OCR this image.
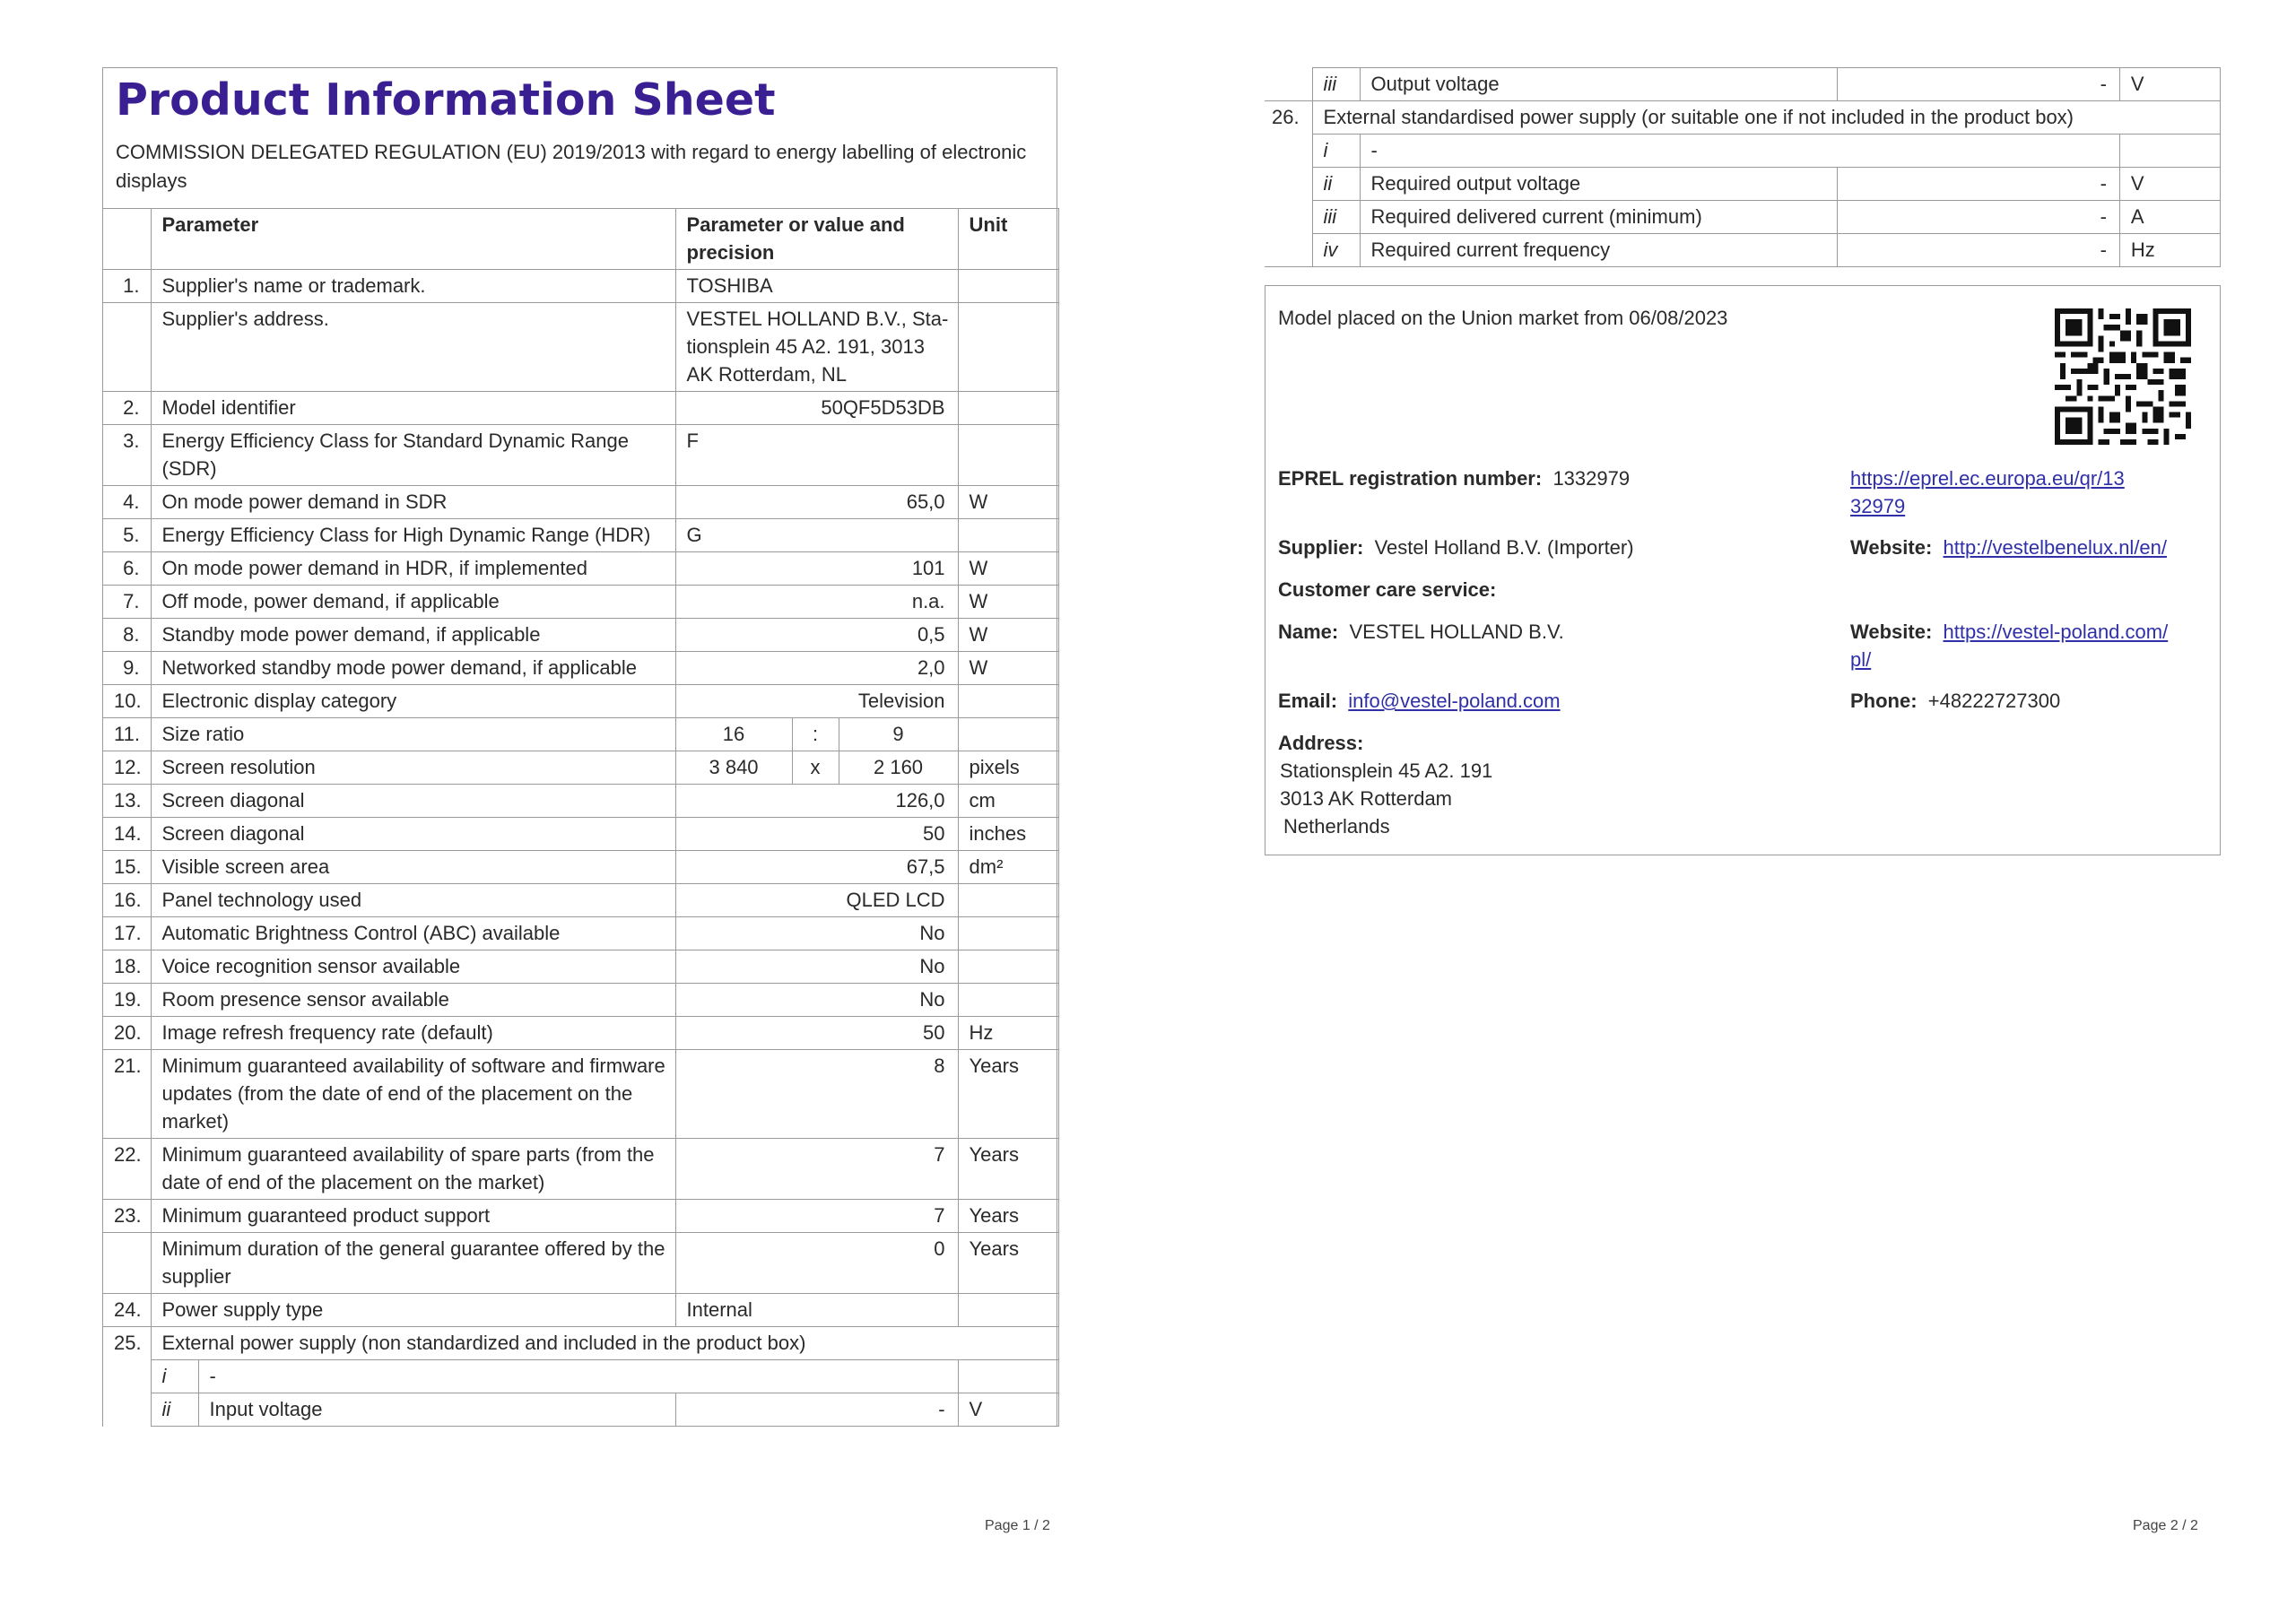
Product Information Sheet
COMMISSION DELEGATED REGULATION (EU) 2019/2013 with regard to energy labelling of electronic displays
	Parameter		Parameter or value and precision			Unit
1.	Supplier's name or trademark.		TOSHIBA			
	Supplier's address.		VESTEL HOLLAND B.V., Stationsplein 45 A2. 191, 3013 AK Rotterdam, NL			
2.	Model identifier		50QF5D53DB			
3.	Energy Efficiency Class for Standard Dynamic Range (SDR)		F			
4.	On mode power demand in SDR		65,0			W
5.	Energy Efficiency Class for High Dynamic Range (HDR)		G			
6.	On mode power demand in HDR, if implemented		101			W
7.	Off mode, power demand, if applicable		n.a.			W
8.	Standby mode power demand, if applicable		0,5			W
9.	Networked standby mode power demand, if applicable		2,0			W
10.	Electronic display category		Television			
11.	Size ratio		16	:	9	
12.	Screen resolution		3 840	x	2 160	pixels
13.	Screen diagonal		126,0			cm
14.	Screen diagonal		50			inches
15.	Visible screen area		67,5			dm²
16.	Panel technology used		QLED LCD			
17.	Automatic Brightness Control (ABC) available		No			
18.	Voice recognition sensor available		No			
19.	Room presence sensor available		No			
20.	Image refresh frequency rate (default)		50			Hz
21.	Minimum guaranteed availability of software and firmware updates (from the date of end of the placement on the market)		8			Years
22.	Minimum guaranteed availability of spare parts (from the date of end of the placement on the market)		7			Years
23.	Minimum guaranteed product support		7			Years
	Minimum duration of the general guarantee offered by the supplier		0			Years
24.	Power supply type		Internal			
25.	External power supply (non standardized and included in the product box)					
	i	-				
	ii	Input voltage	-			V
Page 1 / 2
	iii	Output voltage	-	V
26.	External standardised power supply (or suitable one if not included in the product box)			
	i	-		
	ii	Required output voltage	-	V
	iii	Required delivered current (minimum)	-	A
	iv	Required current frequency	-	Hz
Model placed on the Union market from 06/08/2023
EPREL registration number: 1332979	https://eprel.ec.europa.eu/qr/13
32979
Supplier: Vestel Holland B.V. (Importer)	Website: http://vestelbenelux.nl/en/
Customer care service:
Name: VESTEL HOLLAND B.V.	Website: https://vestel-poland.com/
pl/
Email: info@vestel-poland.com	Phone: +48222727300
Address:
Stationsplein 45 A2. 191
3013 AK Rotterdam
Netherlands
Page 2 / 2
